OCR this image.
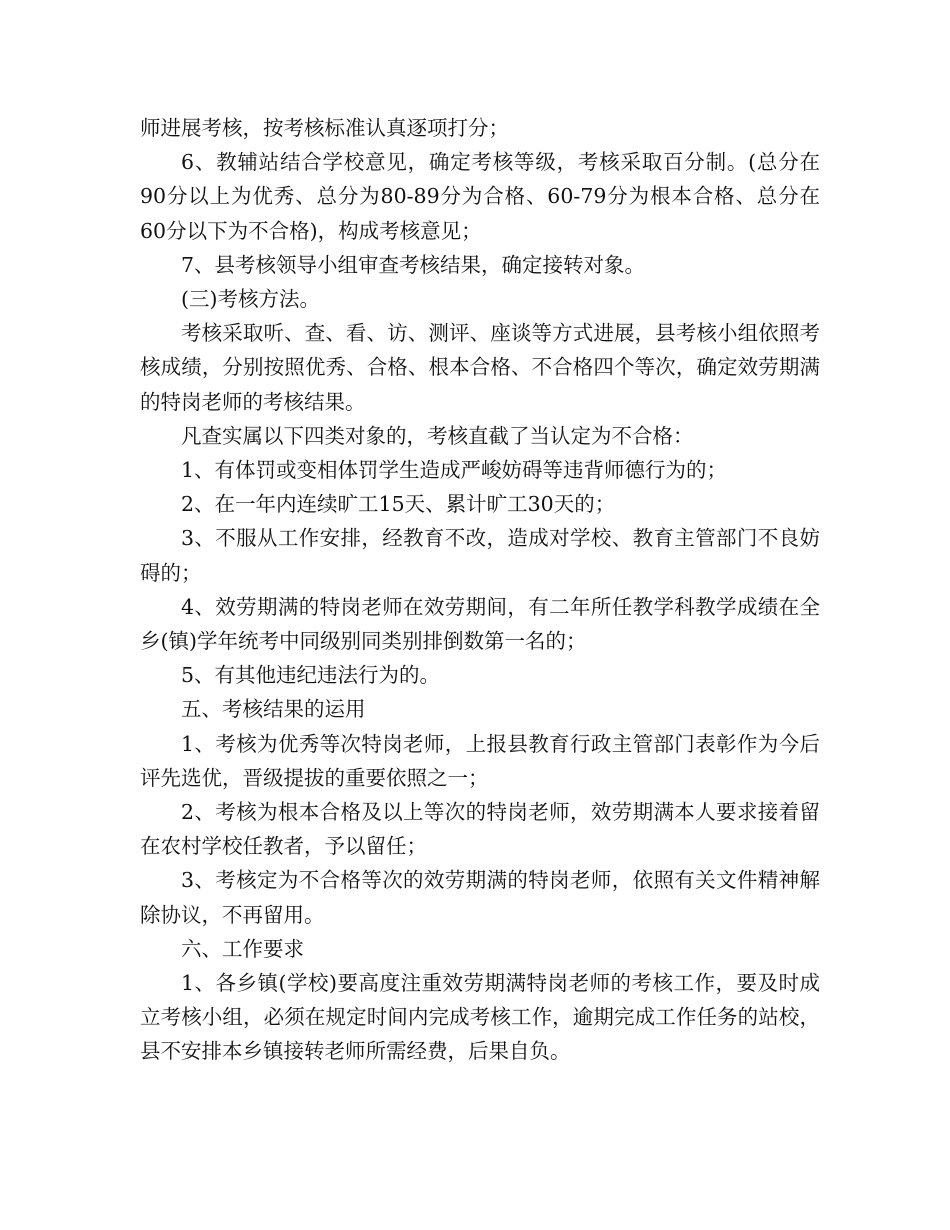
师进展考核，按考核标准认真逐项打分；

6、教辅站结合学校意见，确定考核等级，考核采取百分制。(总分在90分以上为优秀、总分为80-89分为合格、60-79分为根本合格、总分在60分以下为不合格)，构成考核意见；

7、县考核领导小组审查考核结果，确定接转对象。

(三)考核方法。

考核采取听、查、看、访、测评、座谈等方式进展，县考核小组依照考核成绩，分别按照优秀、合格、根本合格、不合格四个等次，确定效劳期满的特岗老师的考核结果。

凡查实属以下四类对象的，考核直截了当认定为不合格：

1、有体罚或变相体罚学生造成严峻妨碍等违背师德行为的；

2、在一年内连续旷工15天、累计旷工30天的；

3、不服从工作安排，经教育不改，造成对学校、教育主管部门不良妨碍的；

4、效劳期满的特岗老师在效劳期间，有二年所任教学科教学成绩在全乡(镇)学年统考中同级别同类别排倒数第一名的；

5、有其他违纪违法行为的。

五、考核结果的运用

1、考核为优秀等次特岗老师，上报县教育行政主管部门表彰作为今后评先选优，晋级提拔的重要依照之一；

2、考核为根本合格及以上等次的特岗老师，效劳期满本人要求接着留在农村学校任教者，予以留任；

3、考核定为不合格等次的效劳期满的特岗老师，依照有关文件精神解除协议，不再留用。

六、工作要求

1、各乡镇(学校)要高度注重效劳期满特岗老师的考核工作，要及时成立考核小组，必须在规定时间内完成考核工作，逾期完成工作任务的站校，县不安排本乡镇接转老师所需经费，后果自负。
